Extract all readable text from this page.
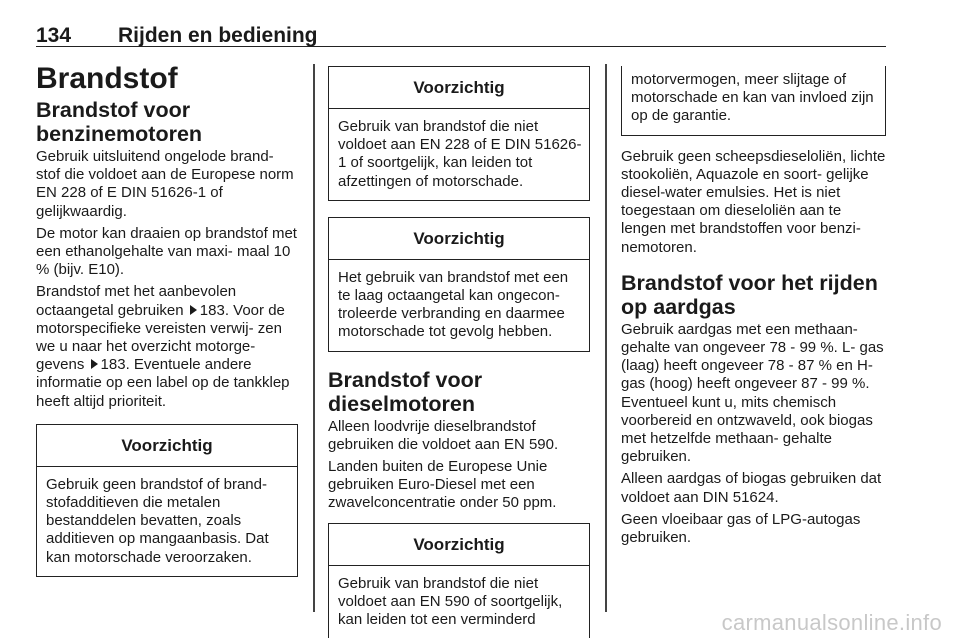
134 Rijden en bediening
Brandstof
Brandstof voor benzinemotoren

Gebruik uitsluitend ongelode brand- stof die voldoet aan de Europese norm EN 228 of E DIN 51626-1 of gelijkwaardig.

De motor kan draaien op brandstof met een ethanolgehalte van maxi- maal 10 % (bijv. E10).

Brandstof met het aanbevolen octaangetal gebruiken 183. Voor de motorspecifieke vereisten verwij- zen we u naar het overzicht motorge- gevens 183. Eventuele andere informatie op een label op de tankklep heeft altijd prioriteit.

Voorzichtig
Gebruik geen brandstof of brand- stofadditieven die metalen bestanddelen bevatten, zoals additieven op mangaanbasis. Dat kan motorschade veroorzaken.
Voorzichtig
Gebruik van brandstof die niet voldoet aan EN 228 of E DIN 51626-1 of soortgelijk, kan leiden tot afzettingen of motorschade.
Voorzichtig
Het gebruik van brandstof met een te laag octaangetal kan ongecon- troleerde verbranding en daarmee motorschade tot gevolg hebben.
Brandstof voor dieselmotoren

Alleen loodvrije dieselbrandstof gebruiken die voldoet aan EN 590.

Landen buiten de Europese Unie gebruiken Euro-Diesel met een zwavelconcentratie onder 50 ppm.

Voorzichtig
Gebruik van brandstof die niet voldoet aan EN 590 of soortgelijk, kan leiden tot een verminderd
motorvermogen, meer slijtage of motorschade en kan van invloed zijn op de garantie.

Gebruik geen scheepsdieseloliën, lichte stookoliën, Aquazole en soort- gelijke diesel-water emulsies. Het is niet toegestaan om dieseloliën aan te lengen met brandstoffen voor benzi- nemotoren.

Brandstof voor het rijden op aardgas

Gebruik aardgas met een methaan- gehalte van ongeveer 78 - 99 %. L- gas (laag) heeft ongeveer 78 - 87 % en H-gas (hoog) heeft ongeveer 87 - 99 %. Eventueel kunt u, mits chemisch voorbereid en ontzwaveld, ook biogas met hetzelfde methaan- gehalte gebruiken.

Alleen aardgas of biogas gebruiken dat voldoet aan DIN 51624.

Geen vloeibaar gas of LPG-autogas gebruiken.

carmanualsonline.info
